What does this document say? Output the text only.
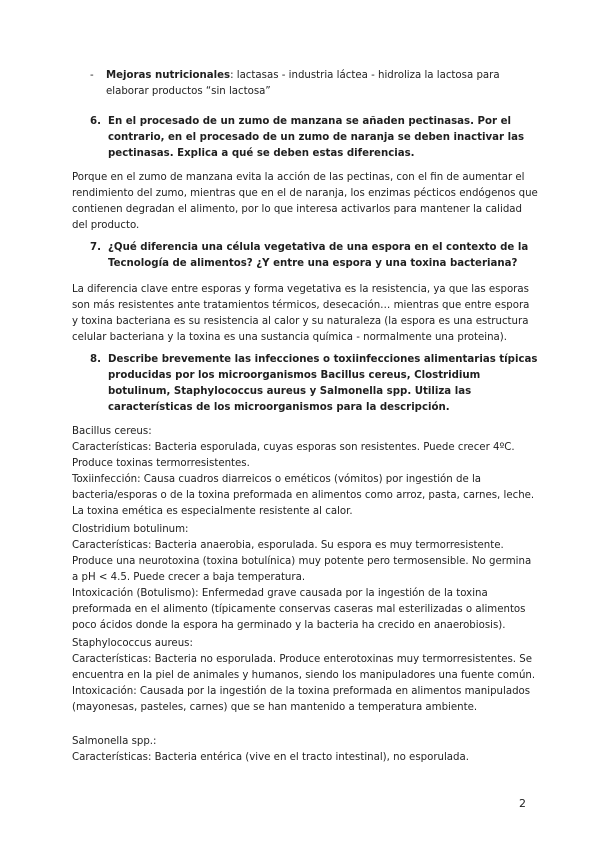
- Mejoras nutricionales: lactasas - industria láctea - hidroliza la lactosa para elaborar productos “sin lactosa”
6. En el procesado de un zumo de manzana se añaden pectinasas. Por el contrario, en el procesado de un zumo de naranja se deben inactivar las pectinasas. Explica a qué se deben estas diferencias.
Porque en el zumo de manzana evita la acción de las pectinas, con el fin de aumentar el rendimiento del zumo, mientras que en el de naranja, los enzimas pécticos endógenos que contienen degradan el alimento, por lo que interesa activarlos para mantener la calidad del producto.
7. ¿Qué diferencia una célula vegetativa de una espora en el contexto de la Tecnología de alimentos? ¿Y entre una espora y una toxina bacteriana?
La diferencia clave entre esporas y forma vegetativa es la resistencia, ya que las esporas son más resistentes ante tratamientos térmicos, desecación… mientras que entre espora y toxina bacteriana es su resistencia al calor y su naturaleza (la espora es una estructura celular bacteriana y la toxina es una sustancia química - normalmente una proteina).
8. Describe brevemente las infecciones o toxiinfecciones alimentarias típicas producidas por los microorganismos Bacillus cereus, Clostridium botulinum, Staphylococcus aureus y Salmonella spp. Utiliza las características de los microorganismos para la descripción.
Bacillus cereus:
Características: Bacteria esporulada, cuyas esporas son resistentes. Puede crecer 4ºC. Produce toxinas termorresistentes.
Toxiinfección: Causa cuadros diarreicos o eméticos (vómitos) por ingestión de la bacteria/esporas o de la toxina preformada en alimentos como arroz, pasta, carnes, leche. La toxina emética es especialmente resistente al calor.
Clostridium botulinum:
Características: Bacteria anaerobia, esporulada. Su espora es muy termorresistente. Produce una neurotoxina (toxina botulínica) muy potente pero termosensible. No germina a pH < 4.5. Puede crecer a baja temperatura.
Intoxicación (Botulismo): Enfermedad grave causada por la ingestión de la toxina preformada en el alimento (típicamente conservas caseras mal esterilizadas o alimentos poco ácidos donde la espora ha germinado y la bacteria ha crecido en anaerobiosis).
Staphylococcus aureus:
Características: Bacteria no esporulada. Produce enterotoxinas muy termorresistentes. Se encuentra en la piel de animales y humanos, siendo los manipuladores una fuente común.
Intoxicación: Causada por la ingestión de la toxina preformada en alimentos manipulados (mayonesas, pasteles, carnes) que se han mantenido a temperatura ambiente.
Salmonella spp.:
Características: Bacteria entérica (vive en el tracto intestinal), no esporulada.
2
